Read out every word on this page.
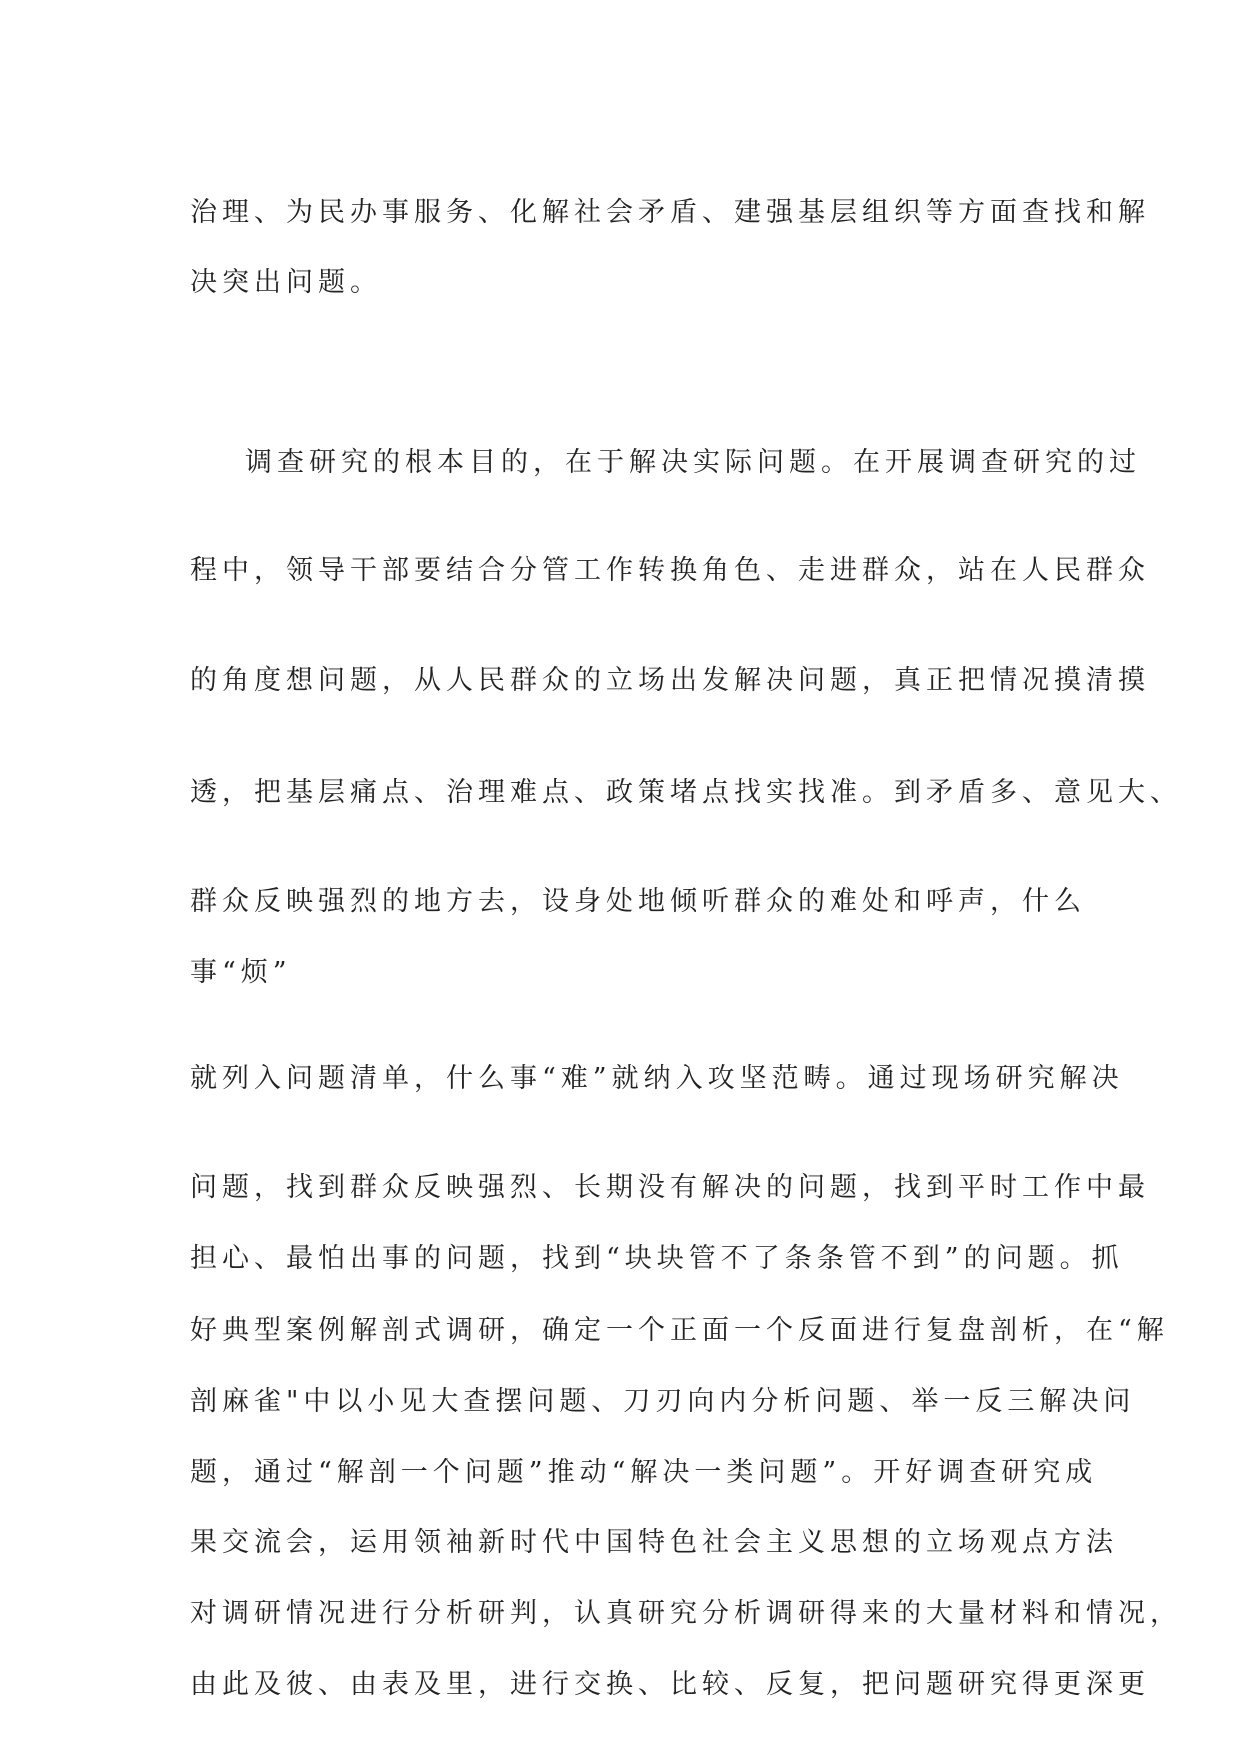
治理、为民办事服务、化解社会矛盾、建强基层组织等方面查找和解
决突出问题。
调查研究的根本目的，在于解决实际问题。在开展调查研究的过
程中，领导干部要结合分管工作转换角色、走进群众，站在人民群众
的角度想问题，从人民群众的立场出发解决问题，真正把情况摸清摸
透，把基层痛点、治理难点、政策堵点找实找准。到矛盾多、意见大、
群众反映强烈的地方去，设身处地倾听群众的难处和呼声，什么
事“烦”
就列入问题清单，什么事“难”就纳入攻坚范畴。通过现场研究解决
问题，找到群众反映强烈、长期没有解决的问题，找到平时工作中最
担心、最怕出事的问题，找到“块块管不了条条管不到”的问题。抓
好典型案例解剖式调研，确定一个正面一个反面进行复盘剖析，在“解
剖麻雀"中以小见大查摆问题、刀刃向内分析问题、举一反三解决问
题，通过“解剖一个问题”推动“解决一类问题”。开好调查研究成
果交流会，运用领袖新时代中国特色社会主义思想的立场观点方法
对调研情况进行分析研判，认真研究分析调研得来的大量材料和情况，
由此及彼、由表及里，进行交换、比较、反复，把问题研究得更深更
